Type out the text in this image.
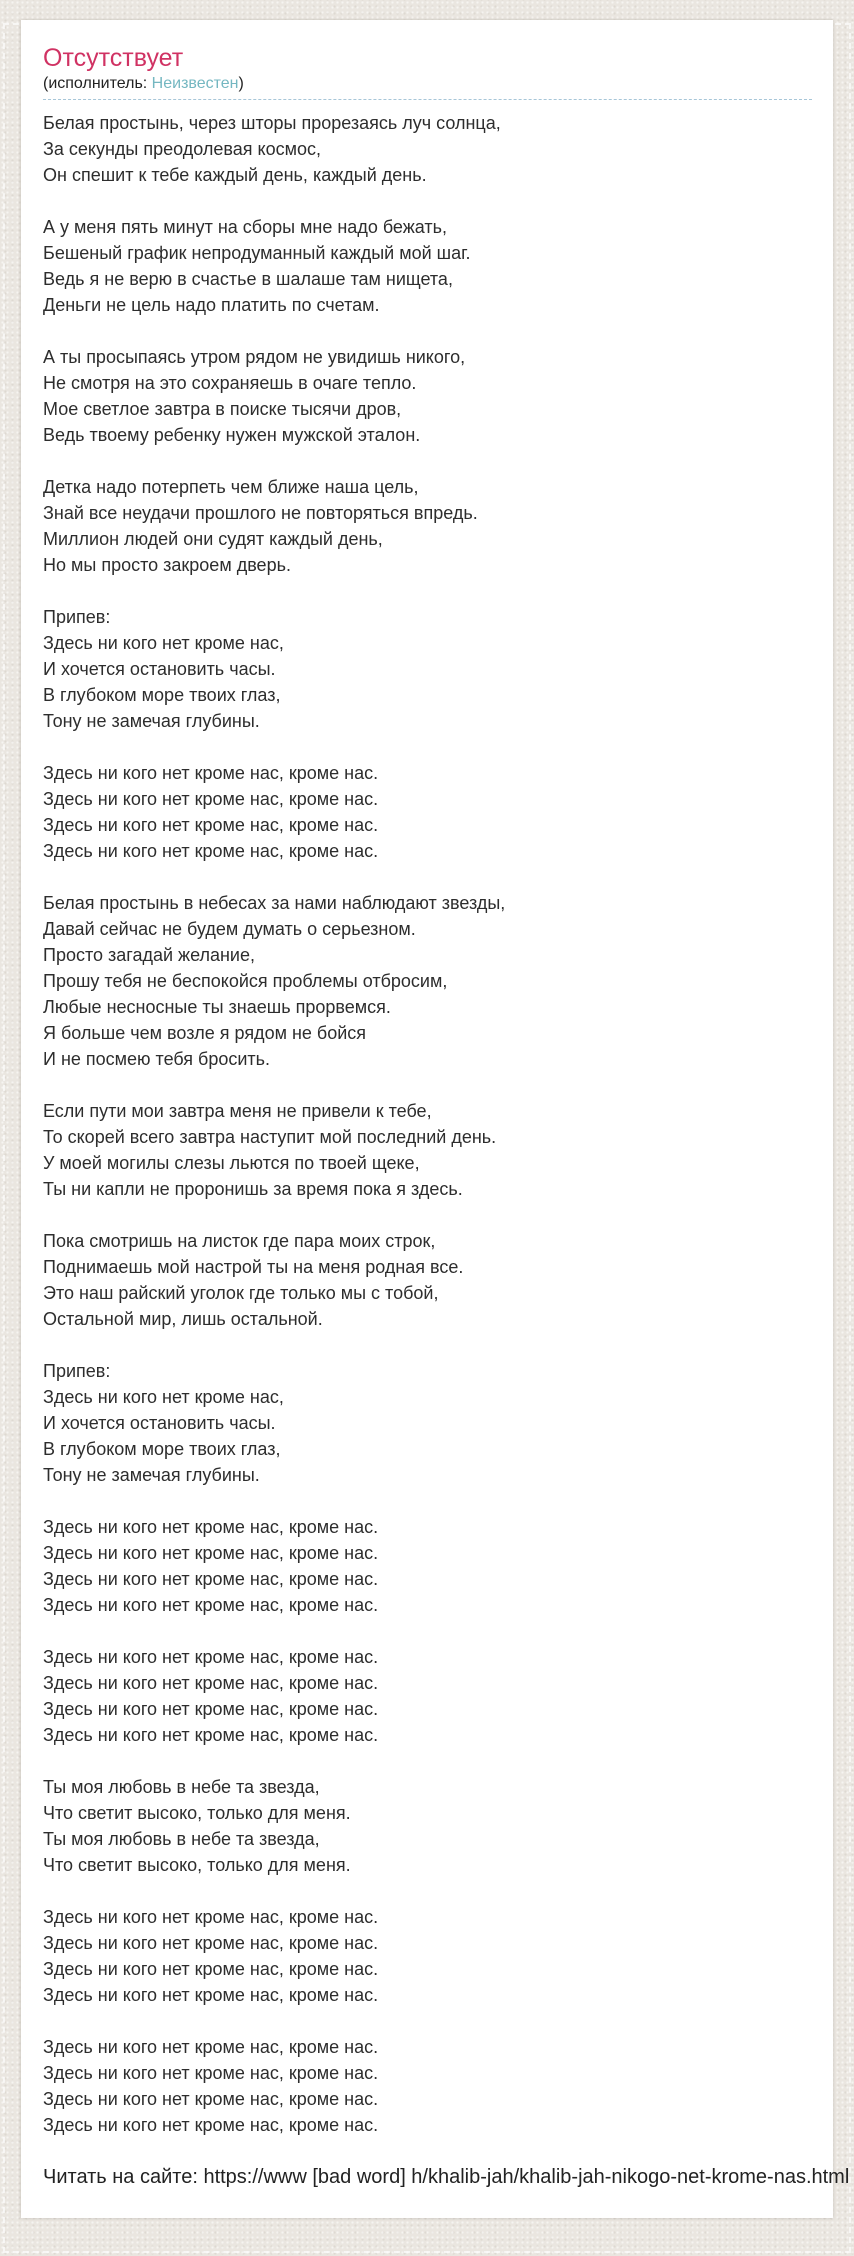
Отсутствует
(исполнитель: Неизвестен)

Белая простынь, через шторы прорезаясь луч солнца,
За секунды преодолевая космос,
Он спешит к тебе каждый день, каждый день.

А у меня пять минут на сборы мне надо бежать,
Бешеный график непродуманный каждый мой шаг.
Ведь я не верю в счастье в шалаше там нищета,
Деньги не цель надо платить по счетам.

А ты просыпаясь утром рядом не увидишь никого,
Не смотря на это сохраняешь в очаге тепло.
Мое светлое завтра в поиске тысячи дров,
Ведь твоему ребенку нужен мужской эталон.

Детка надо потерпеть чем ближе наша цель,
Знай все неудачи прошлого не повторяться впредь.
Миллион людей они судят каждый день,
Но мы просто закроем дверь.

Припев:
Здесь ни кого нет кроме нас,
И хочется остановить часы.
В глубоком море твоих глаз,
Тону не замечая глубины.

Здесь ни кого нет кроме нас, кроме нас.
Здесь ни кого нет кроме нас, кроме нас.
Здесь ни кого нет кроме нас, кроме нас.
Здесь ни кого нет кроме нас, кроме нас.

Белая простынь в небесах за нами наблюдают звезды,
Давай сейчас не будем думать о серьезном.
Просто загадай желание,
Прошу тебя не беспокойся проблемы отбросим,
Любые несносные ты знаешь прорвемся.
Я больше чем возле я рядом не бойся
И не посмею тебя бросить.

Если пути мои завтра меня не привели к тебе,
То скорей всего завтра наступит мой последний день.
У моей могилы слезы льются по твоей щеке,
Ты ни капли не проронишь за время пока я здесь.

Пока смотришь на листок где пара моих строк,
Поднимаешь мой настрой ты на меня родная все.
Это наш райский уголок где только мы с тобой,
Остальной мир, лишь остальной.

Припев:
Здесь ни кого нет кроме нас,
И хочется остановить часы.
В глубоком море твоих глаз,
Тону не замечая глубины.

Здесь ни кого нет кроме нас, кроме нас.
Здесь ни кого нет кроме нас, кроме нас.
Здесь ни кого нет кроме нас, кроме нас.
Здесь ни кого нет кроме нас, кроме нас.

Здесь ни кого нет кроме нас, кроме нас.
Здесь ни кого нет кроме нас, кроме нас.
Здесь ни кого нет кроме нас, кроме нас.
Здесь ни кого нет кроме нас, кроме нас.

Ты моя любовь в небе та звезда,
Что светит высоко, только для меня.
Ты моя любовь в небе та звезда,
Что светит высоко, только для меня.

Здесь ни кого нет кроме нас, кроме нас.
Здесь ни кого нет кроме нас, кроме нас.
Здесь ни кого нет кроме нас, кроме нас.
Здесь ни кого нет кроме нас, кроме нас.

Здесь ни кого нет кроме нас, кроме нас.
Здесь ни кого нет кроме нас, кроме нас.
Здесь ни кого нет кроме нас, кроме нас.
Здесь ни кого нет кроме нас, кроме нас.

Читать на сайте: https://www [bad word] h/khalib-jah/khalib-jah-nikogo-net-krome-nas.html
